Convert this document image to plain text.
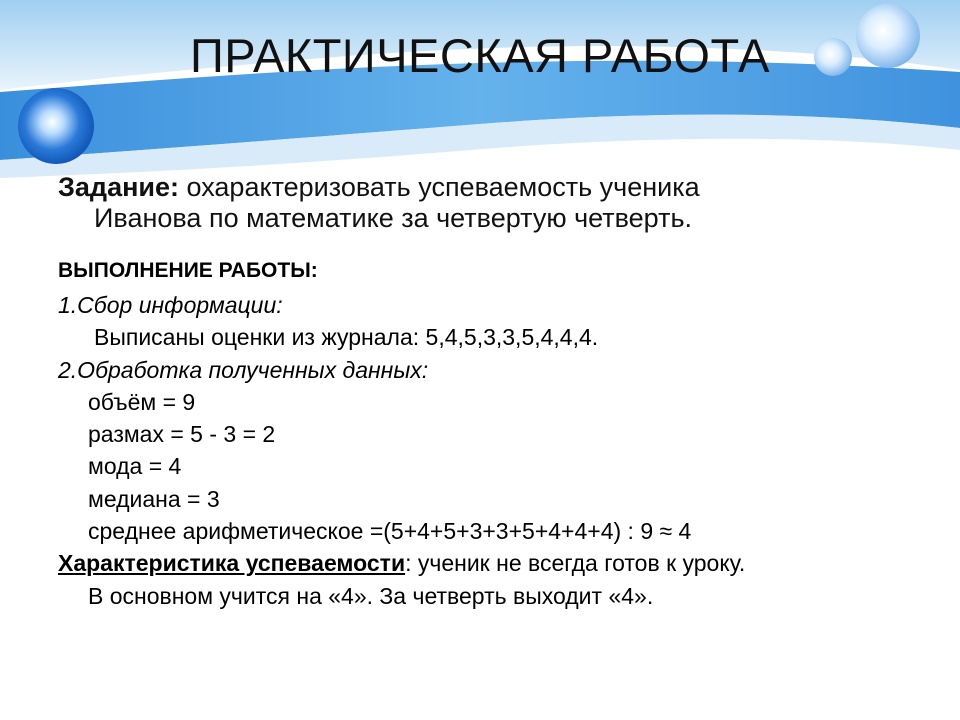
ПРАКТИЧЕСКАЯ РАБОТА
Задание: охарактеризовать успеваемость ученика
Иванова по математике за четвертую четверть.
ВЫПОЛНЕНИЕ РАБОТЫ:
1.Сбор информации:
Выписаны оценки из журнала: 5,4,5,3,3,5,4,4,4.
2.Обработка полученных данных:
объём = 9
размах = 5 - 3 = 2
мода = 4
медиана = 3
среднее арифметическое =(5+4+5+3+3+5+4+4+4) : 9 ≈ 4
Характеристика успеваемости: ученик не всегда готов к уроку.
В основном учится на «4». За четверть выходит «4».
